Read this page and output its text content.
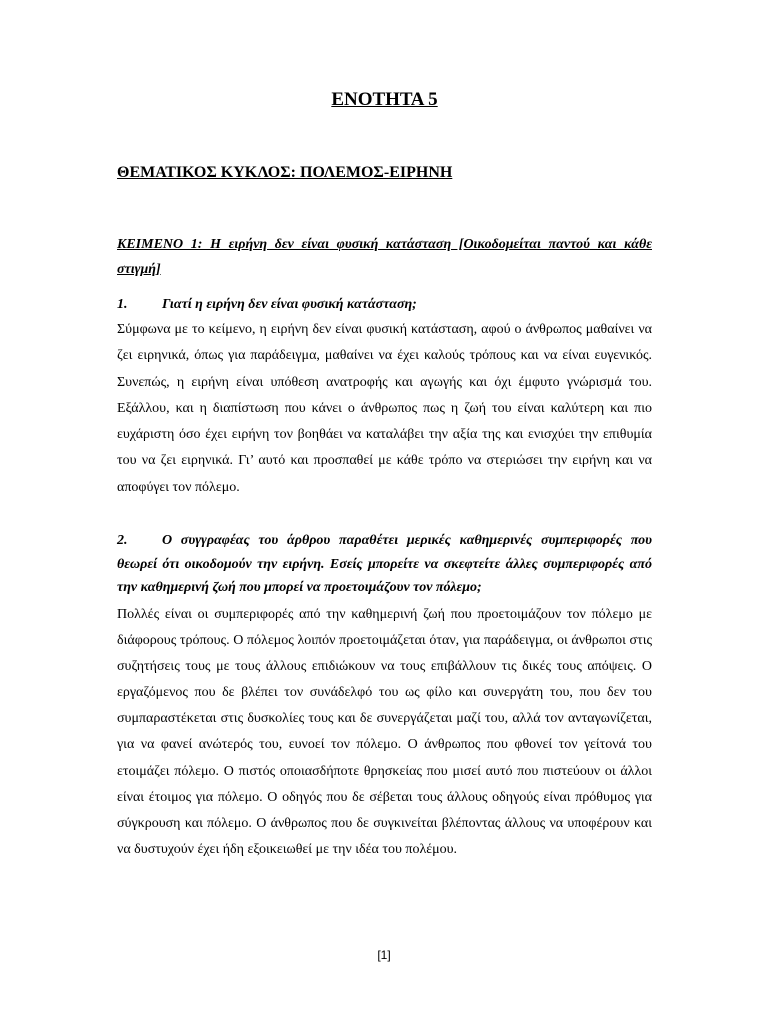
ΕΝΟΤΗΤΑ 5
ΘΕΜΑΤΙΚΟΣ ΚΥΚΛΟΣ: ΠΟΛΕΜΟΣ-ΕΙΡΗΝΗ

ΚΕΙΜΕΝΟ 1: Η ειρήνη δεν είναι φυσική κατάσταση [Οικοδομείται παντού και κάθε στιγμή]

1. Γιατί η ειρήνη δεν είναι φυσική κατάσταση;

Σύμφωνα με το κείμενο, η ειρήνη δεν είναι φυσική κατάσταση, αφού ο άνθρωπος μαθαίνει να ζει ειρηνικά, όπως για παράδειγμα, μαθαίνει να έχει καλούς τρόπους και να είναι ευγενικός. Συνεπώς, η ειρήνη είναι υπόθεση ανατροφής και αγωγής και όχι έμφυτο γνώρισμά του. Εξάλλου, και η διαπίστωση που κάνει ο άνθρωπος πως η ζωή του είναι καλύτερη και πιο ευχάριστη όσο έχει ειρήνη τον βοηθάει να καταλάβει την αξία της και ενισχύει την επιθυμία του να ζει ειρηνικά. Γι’ αυτό και προσπαθεί με κάθε τρόπο να στεριώσει την ειρήνη και να αποφύγει τον πόλεμο.

2. Ο συγγραφέας του άρθρου παραθέτει μερικές καθημερινές συμπεριφορές που θεωρεί ότι οικοδομούν την ειρήνη. Εσείς μπορείτε να σκεφτείτε άλλες συμπεριφορές από την καθημερινή ζωή που μπορεί να προετοιμάζουν τον πόλεμο;

Πολλές είναι οι συμπεριφορές από την καθημερινή ζωή που προετοιμάζουν τον πόλεμο με διάφορους τρόπους. Ο πόλεμος λοιπόν προετοιμάζεται όταν, για παράδειγμα, οι άνθρωποι στις συζητήσεις τους με τους άλλους επιδιώκουν να τους επιβάλλουν τις δικές τους απόψεις. Ο εργαζόμενος που δε βλέπει τον συνάδελφό του ως φίλο και συνεργάτη του, που δεν του συμπαραστέκεται στις δυσκολίες τους και δε συνεργάζεται μαζί του, αλλά τον ανταγωνίζεται, για να φανεί ανώτερός του, ευνοεί τον πόλεμο. Ο άνθρωπος που φθονεί τον γείτονά του ετοιμάζει πόλεμο. Ο πιστός οποιασδήποτε θρησκείας που μισεί αυτό που πιστεύουν οι άλλοι είναι έτοιμος για πόλεμο. Ο οδηγός που δε σέβεται τους άλλους οδηγούς είναι πρόθυμος για σύγκρουση και πόλεμο. Ο άνθρωπος που δε συγκινείται βλέποντας άλλους να υποφέρουν και να δυστυχούν έχει ήδη εξοικειωθεί με την ιδέα του πολέμου.

[1]
